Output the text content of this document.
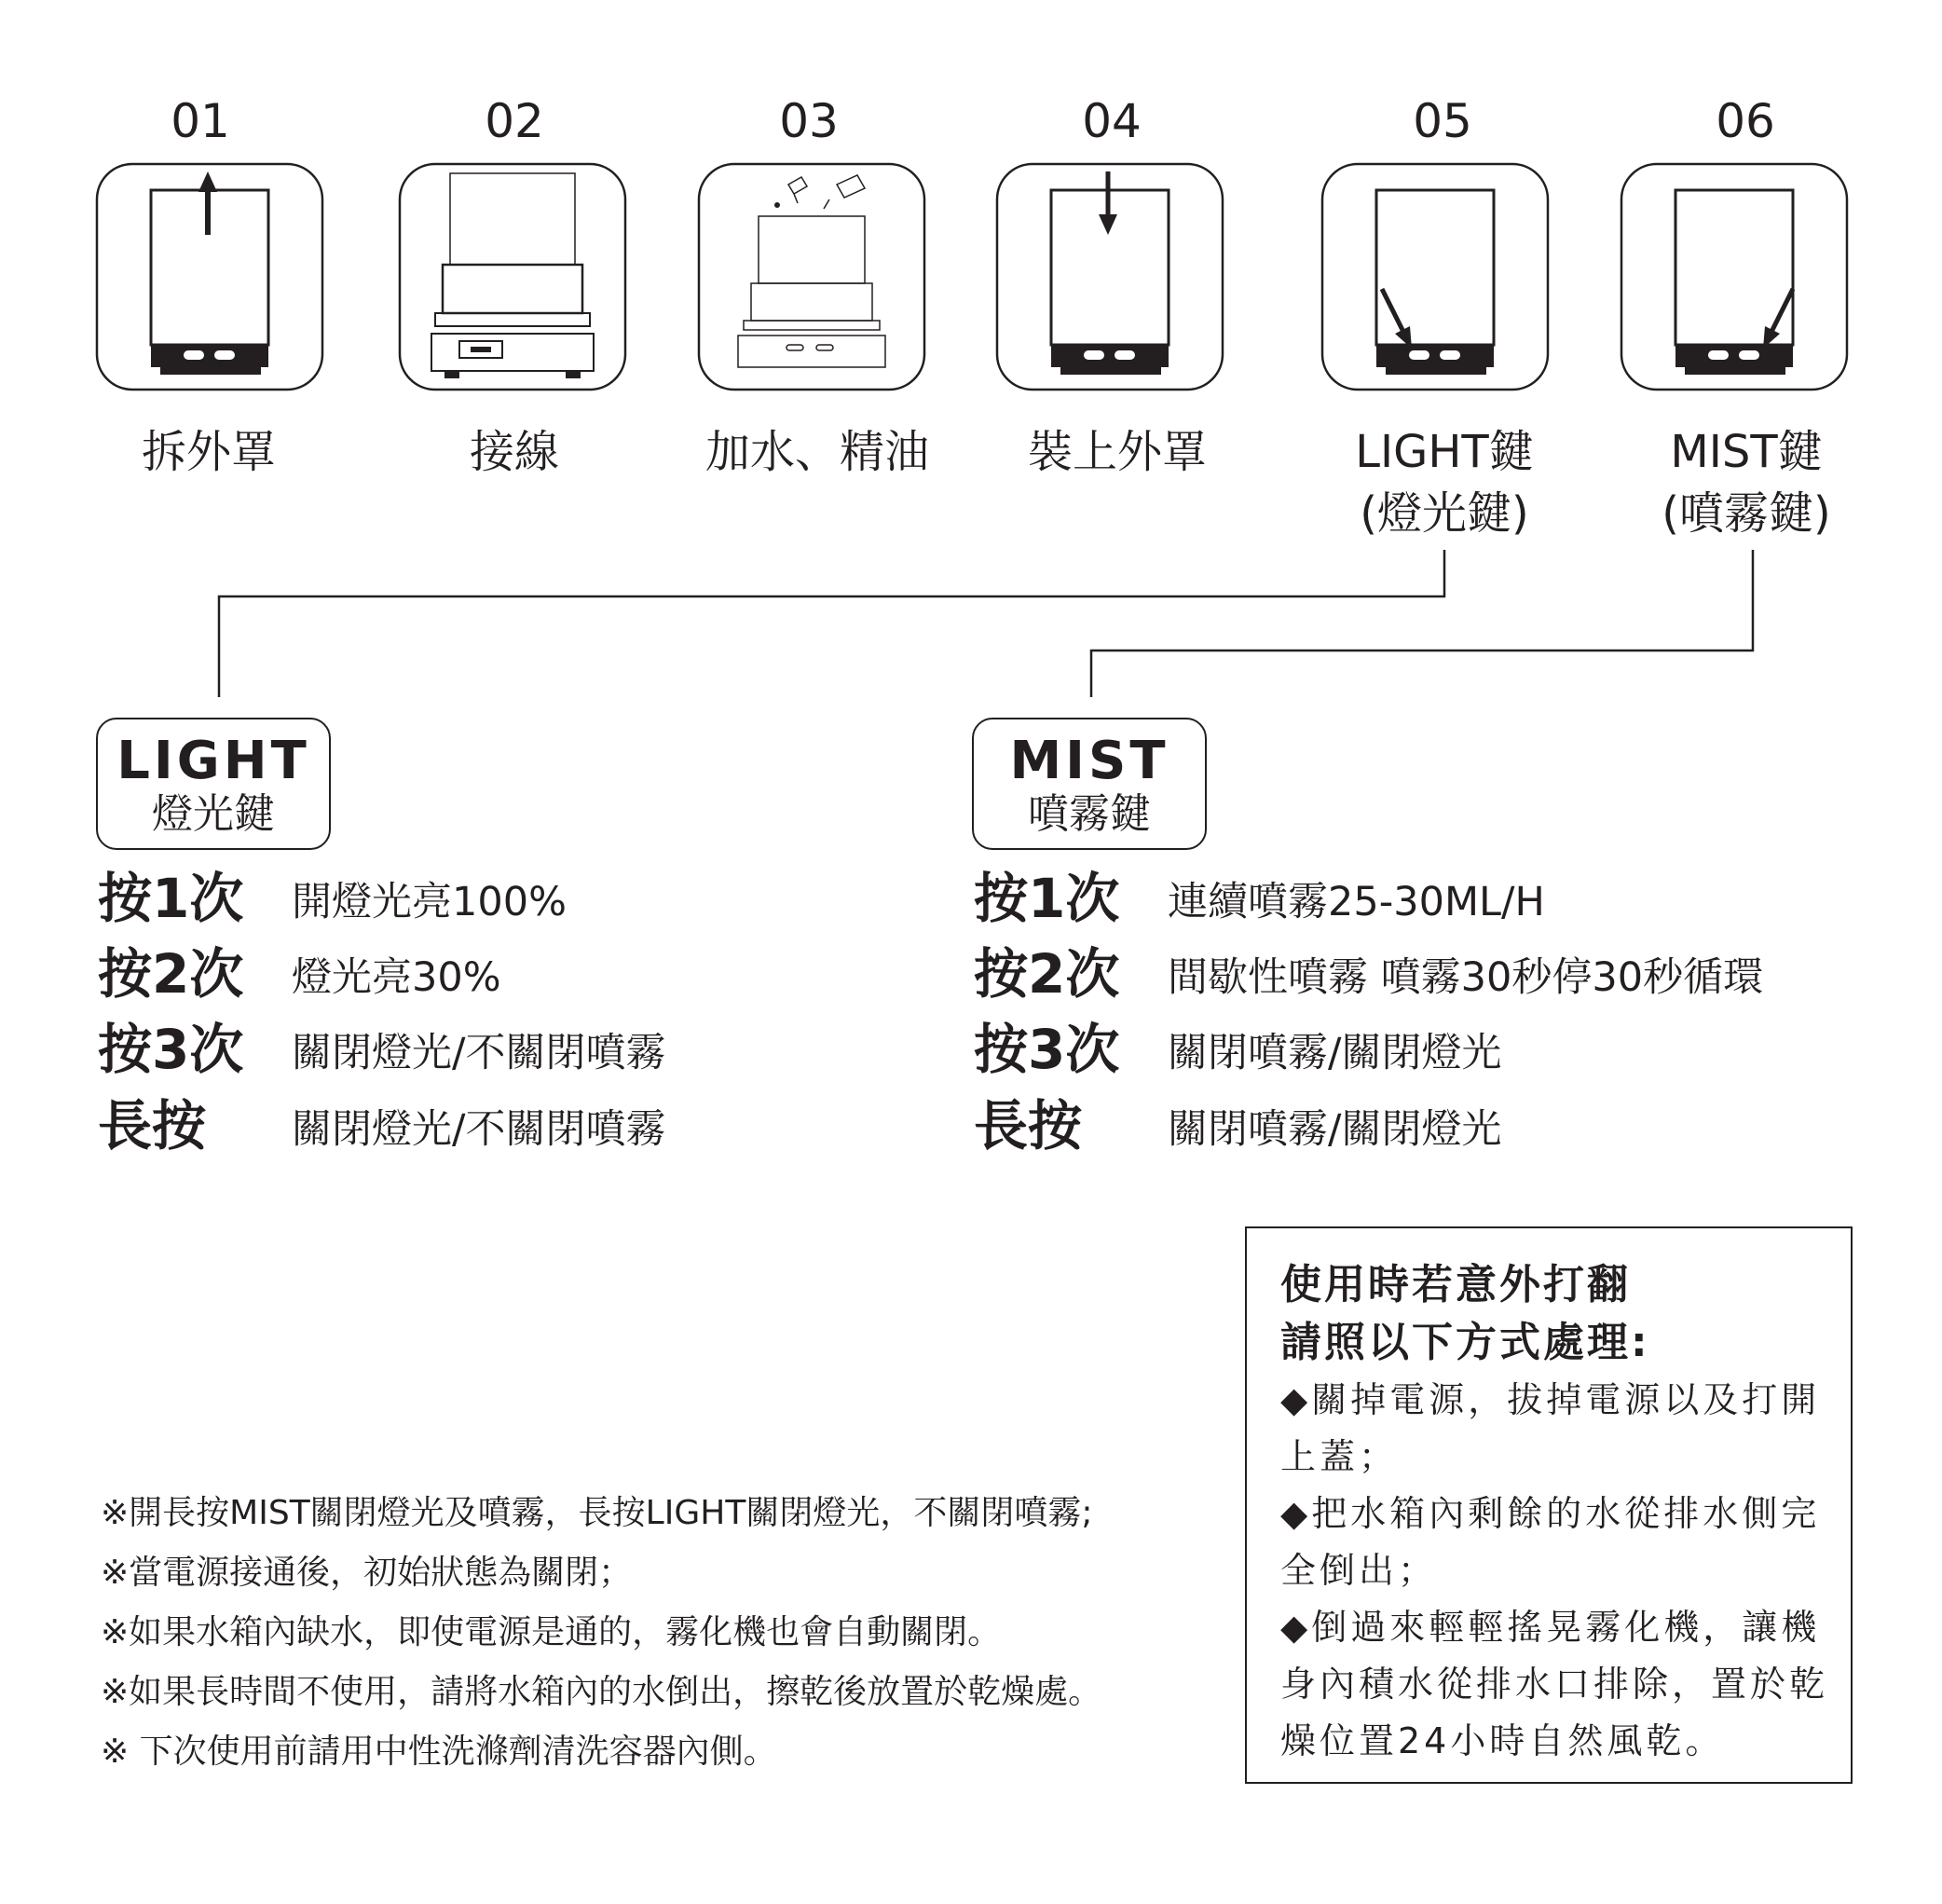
01	02	03	04	05	06
拆外罩	接線	加水、精油	裝上外罩	LIGHT鍵
(燈光鍵)
MIST鍵
(噴霧鍵)
LIGHT
燈光鍵
MIST
噴霧鍵
按1次 開燈光亮100%
按2次 燈光亮30%
按3次 關閉燈光/不關閉噴霧
長按 關閉燈光/不關閉噴霧
按1次 連續噴霧25-30ML/H
按2次 間歇性噴霧 噴霧30秒停30秒循環
按3次 關閉噴霧/關閉燈光
長按 關閉噴霧/關閉燈光
※開長按MIST關閉燈光及噴霧，長按LIGHT關閉燈光，不關閉噴霧;
※當電源接通後，初始狀態為關閉；
※如果水箱內缺水，即使電源是通的，霧化機也會自動關閉。
※如果長時間不使用，請將水箱內的水倒出，擦乾後放置於乾燥處。
※ 下次使用前請用中性洗滌劑清洗容器內側。
使用時若意外打翻
請照以下方式處理:
◆關掉電源，拔掉電源以及打開
上蓋；
◆把水箱內剩餘的水從排水側完
全倒出；
◆倒過來輕輕搖晃霧化機，讓機
身內積水從排水口排除，置於乾
燥位置24小時自然風乾。
